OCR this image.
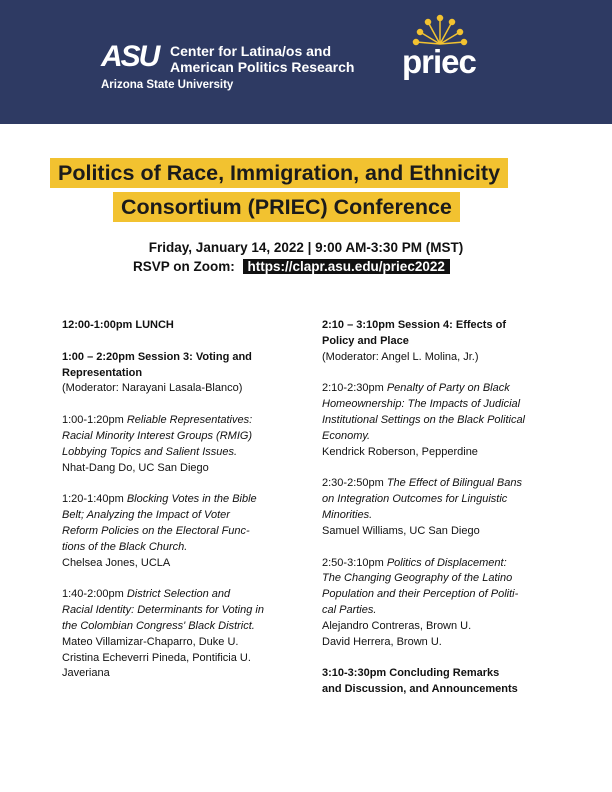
ASU Center for Latina/os and
American Politics Research
Arizona State University
priec
Politics of Race, Immigration, and Ethnicity
Consortium (PRIEC) Conference
Friday, January 14, 2022 | 9:00 AM-3:30 PM (MST)
RSVP on Zoom: https://clapr.asu.edu/priec2022
12:00-1:00pm LUNCH
1:00 – 2:20pm Session 3: Voting and
Representation
(Moderator: Narayani Lasala-Blanco)
1:00-1:20pm Reliable Representatives:
Racial Minority Interest Groups (RMIG)
Lobbying Topics and Salient Issues.
Nhat-Dang Do, UC San Diego
1:20-1:40pm Blocking Votes in the Bible
Belt; Analyzing the Impact of Voter
Reform Policies on the Electoral Func-
tions of the Black Church.
Chelsea Jones, UCLA
1:40-2:00pm District Selection and
Racial Identity: Determinants for Voting in
the Colombian Congress' Black District.
Mateo Villamizar-Chaparro, Duke U.
Cristina Echeverri Pineda, Pontificia U.
Javeriana
2:10 – 3:10pm Session 4: Effects of
Policy and Place
(Moderator: Angel L. Molina, Jr.)
2:10-2:30pm Penalty of Party on Black
Homeownership: The Impacts of Judicial
Institutional Settings on the Black Political
Economy.
Kendrick Roberson, Pepperdine
2:30-2:50pm The Effect of Bilingual Bans
on Integration Outcomes for Linguistic
Minorities.
Samuel Williams, UC San Diego
2:50-3:10pm Politics of Displacement:
The Changing Geography of the Latino
Population and their Perception of Politi-
cal Parties.
Alejandro Contreras, Brown U.
David Herrera, Brown U.
3:10-3:30pm Concluding Remarks
and Discussion, and Announcements
